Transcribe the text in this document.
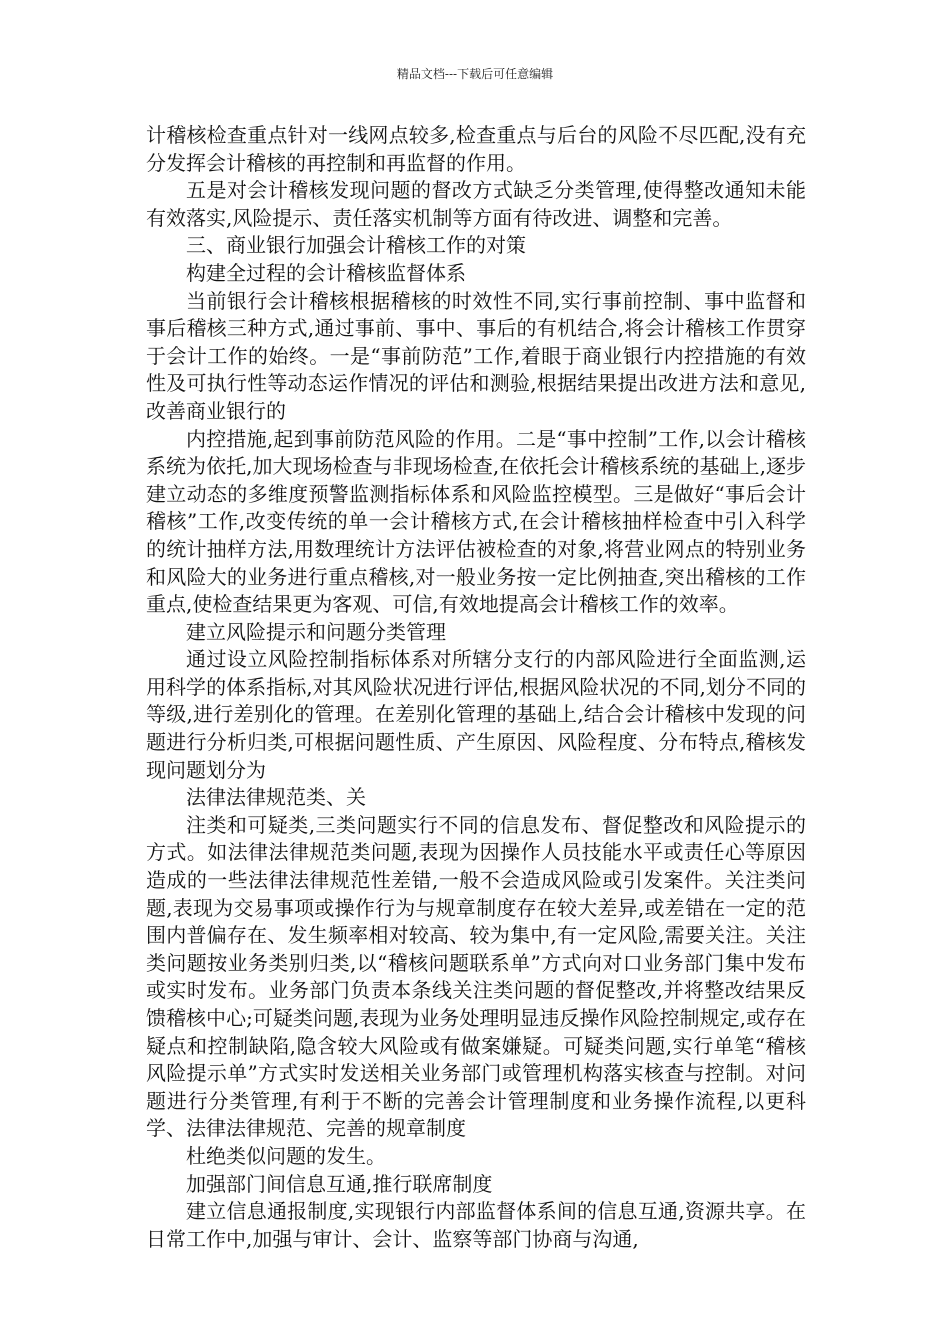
精品文档---下载后可任意编辑

计稽核检查重点针对一线网点较多,检查重点与后台的风险不尽匹配,没有充分发挥会计稽核的再控制和再监督的作用。

五是对会计稽核发现问题的督改方式缺乏分类管理,使得整改通知未能有效落实,风险提示、责任落实机制等方面有待改进、调整和完善。

三、商业银行加强会计稽核工作的对策

构建全过程的会计稽核监督体系

当前银行会计稽核根据稽核的时效性不同,实行事前控制、事中监督和事后稽核三种方式,通过事前、事中、事后的有机结合,将会计稽核工作贯穿于会计工作的始终。一是“事前防范”工作,着眼于商业银行内控措施的有效性及可执行性等动态运作情况的评估和测验,根据结果提出改进方法和意见,改善商业银行的

内控措施,起到事前防范风险的作用。二是“事中控制”工作,以会计稽核系统为依托,加大现场检查与非现场检查,在依托会计稽核系统的基础上,逐步建立动态的多维度预警监测指标体系和风险监控模型。三是做好“事后会计稽核”工作,改变传统的单一会计稽核方式,在会计稽核抽样检查中引入科学的统计抽样方法,用数理统计方法评估被检查的对象,将营业网点的特别业务和风险大的业务进行重点稽核,对一般业务按一定比例抽查,突出稽核的工作重点,使检查结果更为客观、可信,有效地提高会计稽核工作的效率。

建立风险提示和问题分类管理

通过设立风险控制指标体系对所辖分支行的内部风险进行全面监测,运用科学的体系指标,对其风险状况进行评估,根据风险状况的不同,划分不同的等级,进行差别化的管理。在差别化管理的基础上,结合会计稽核中发现的问题进行分析归类,可根据问题性质、产生原因、风险程度、分布特点,稽核发现问题划分为

法律法律规范类、关

注类和可疑类,三类问题实行不同的信息发布、督促整改和风险提示的方式。如法律法律规范类问题,表现为因操作人员技能水平或责任心等原因造成的一些法律法律规范性差错,一般不会造成风险或引发案件。关注类问题,表现为交易事项或操作行为与规章制度存在较大差异,或差错在一定的范围内普偏存在、发生频率相对较高、较为集中,有一定风险,需要关注。关注类问题按业务类别归类,以“稽核问题联系单”方式向对口业务部门集中发布或实时发布。业务部门负责本条线关注类问题的督促整改,并将整改结果反馈稽核中心;可疑类问题,表现为业务处理明显违反操作风险控制规定,或存在疑点和控制缺陷,隐含较大风险或有做案嫌疑。可疑类问题,实行单笔“稽核风险提示单”方式实时发送相关业务部门或管理机构落实核查与控制。对问题进行分类管理,有利于不断的完善会计管理制度和业务操作流程,以更科学、法律法律规范、完善的规章制度

杜绝类似问题的发生。

加强部门间信息互通,推行联席制度

建立信息通报制度,实现银行内部监督体系间的信息互通,资源共享。在日常工作中,加强与审计、会计、监察等部门协商与沟通,
